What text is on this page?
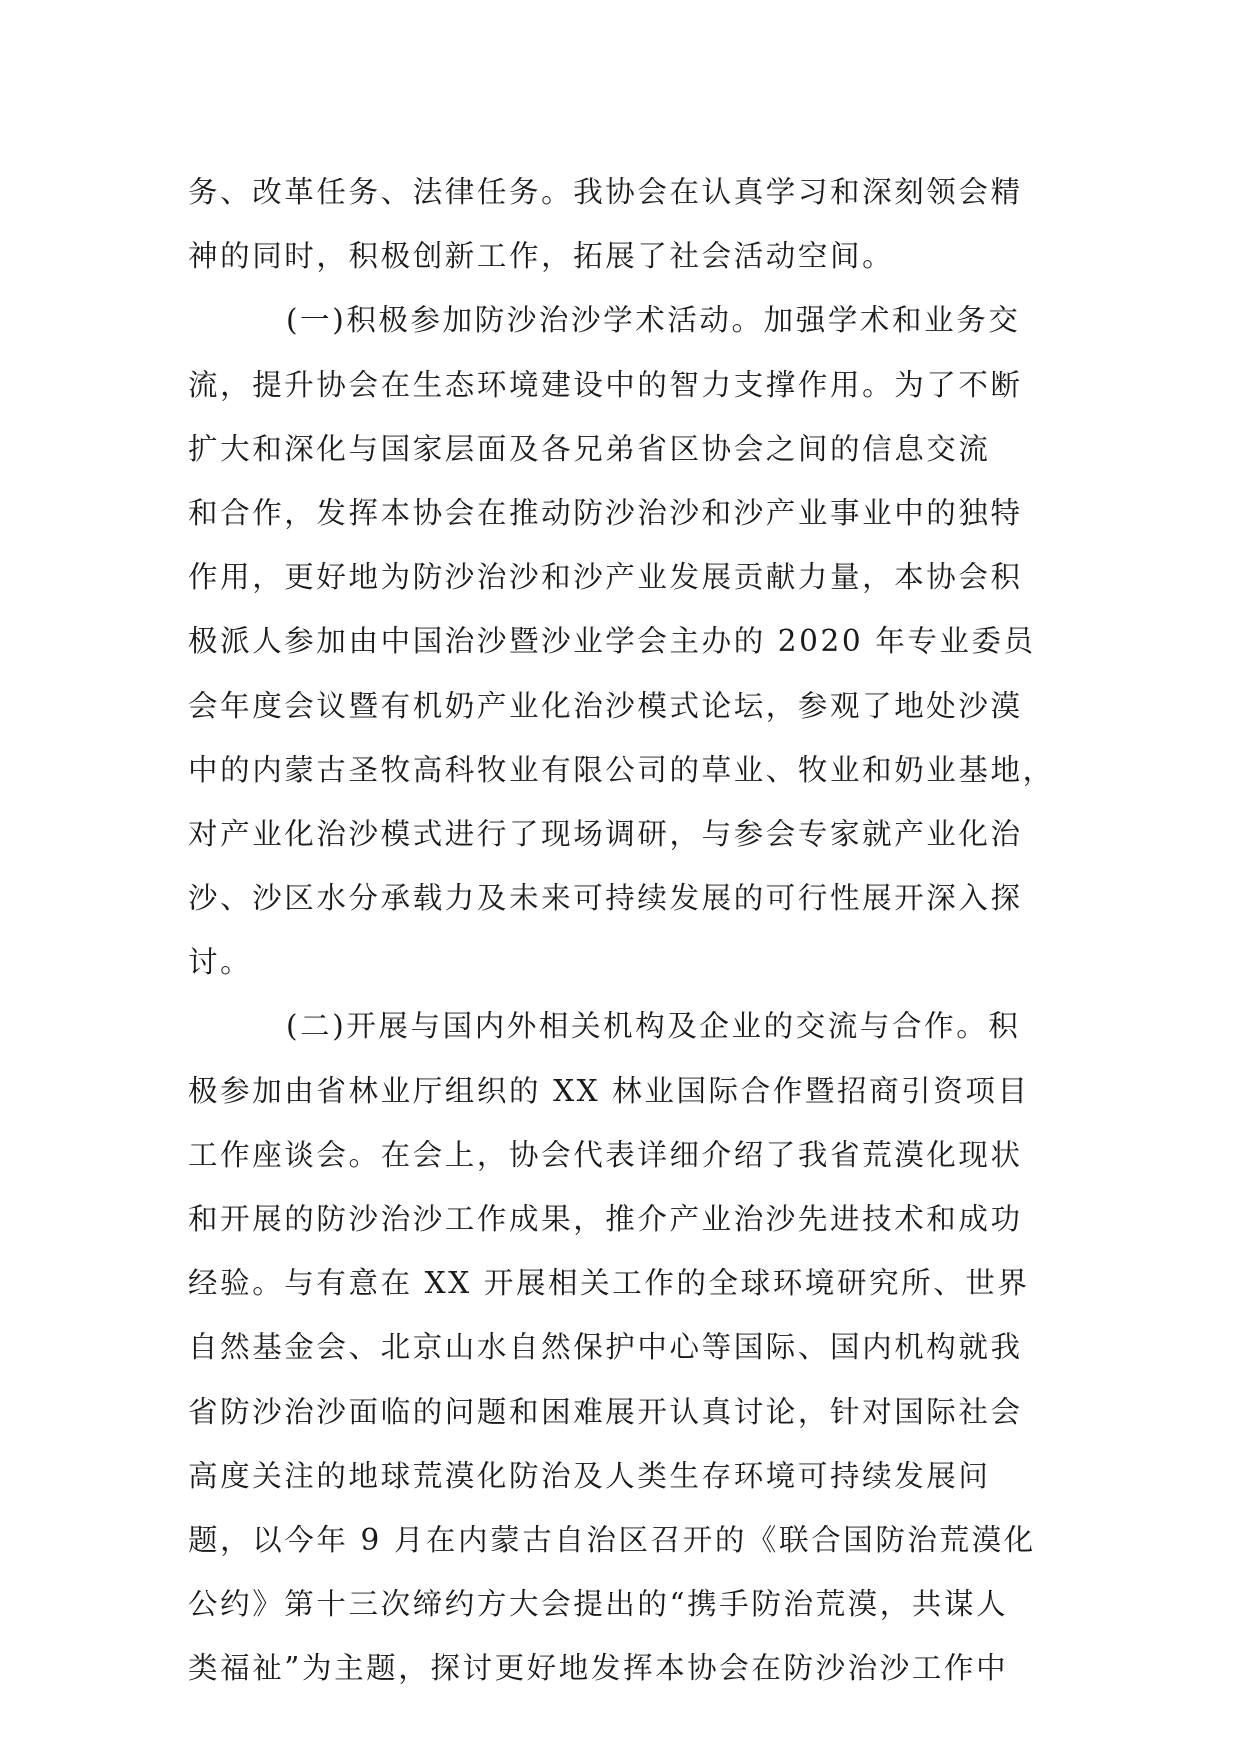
务、改革任务、法律任务。我协会在认真学习和深刻领会精
神的同时，积极创新工作，拓展了社会活动空间。
(一)积极参加防沙治沙学术活动。加强学术和业务交
流，提升协会在生态环境建设中的智力支撑作用。为了不断
扩大和深化与国家层面及各兄弟省区协会之间的信息交流
和合作，发挥本协会在推动防沙治沙和沙产业事业中的独特
作用，更好地为防沙治沙和沙产业发展贡献力量，本协会积
极派人参加由中国治沙暨沙业学会主办的 2020 年专业委员
会年度会议暨有机奶产业化治沙模式论坛，参观了地处沙漠
中的内蒙古圣牧高科牧业有限公司的草业、牧业和奶业基地，
对产业化治沙模式进行了现场调研，与参会专家就产业化治
沙、沙区水分承载力及未来可持续发展的可行性展开深入探
讨。
(二)开展与国内外相关机构及企业的交流与合作。积
极参加由省林业厅组织的 XX 林业国际合作暨招商引资项目
工作座谈会。在会上，协会代表详细介绍了我省荒漠化现状
和开展的防沙治沙工作成果，推介产业治沙先进技术和成功
经验。与有意在 XX 开展相关工作的全球环境研究所、世界
自然基金会、北京山水自然保护中心等国际、国内机构就我
省防沙治沙面临的问题和困难展开认真讨论，针对国际社会
高度关注的地球荒漠化防治及人类生存环境可持续发展问
题，以今年 9 月在内蒙古自治区召开的《联合国防治荒漠化
公约》第十三次缔约方大会提出的“携手防治荒漠，共谋人
类福祉”为主题，探讨更好地发挥本协会在防沙治沙工作中
